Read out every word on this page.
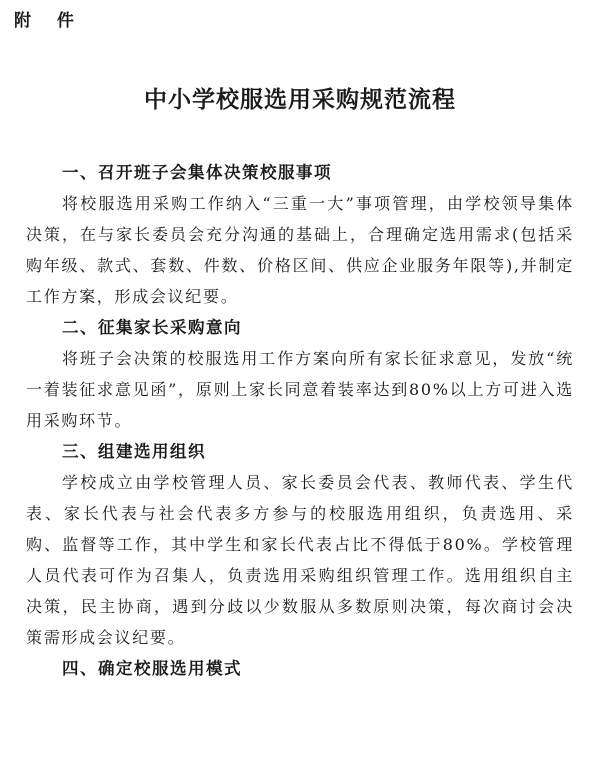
附 件
中小学校服选用采购规范流程
一、召开班子会集体决策校服事项

将校服选用采购工作纳入“三重一大”事项管理，由学校领导集体决策，在与家长委员会充分沟通的基础上，合理确定选用需求(包括采购年级、款式、套数、件数、价格区间、供应企业服务年限等),并制定工作方案，形成会议纪要。

二、征集家长采购意向

将班子会决策的校服选用工作方案向所有家长征求意见，发放“统一着装征求意见函”，原则上家长同意着装率达到80%以上方可进入选用采购环节。

三、组建选用组织

学校成立由学校管理人员、家长委员会代表、教师代表、学生代表、家长代表与社会代表多方参与的校服选用组织，负责选用、采购、监督等工作，其中学生和家长代表占比不得低于80%。学校管理人员代表可作为召集人，负责选用采购组织管理工作。选用组织自主决策，民主协商，遇到分歧以少数服从多数原则决策，每次商讨会决策需形成会议纪要。

四、确定校服选用模式
